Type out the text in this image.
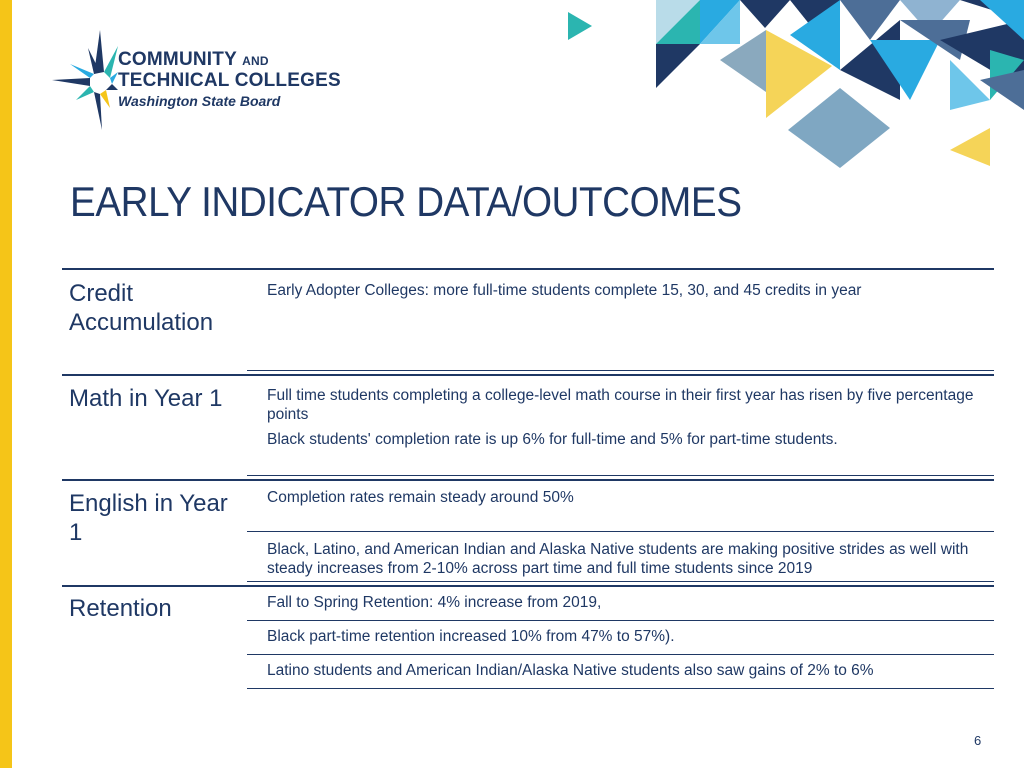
COMMUNITY AND
TECHNICAL COLLEGES
Washington State Board
EARLY INDICATOR DATA/OUTCOMES
Credit Accumulation
Early Adopter Colleges: more full-time students complete 15, 30, and 45 credits in year
Math in Year 1	Full time students completing a college-level math course in their first year has risen by five percentage points
Black students' completion rate is up 6% for full-time and 5% for part-time students.
English in Year 1
Completion rates remain steady around 50%
Black, Latino, and American Indian and Alaska Native students are making positive strides as well with steady increases from 2-10% across part time and full time students since 2019
Retention	Fall to Spring Retention: 4% increase from 2019,
Black part-time retention increased 10% from 47% to 57%).
Latino students and American Indian/Alaska Native students also saw gains of 2% to 6%
6
